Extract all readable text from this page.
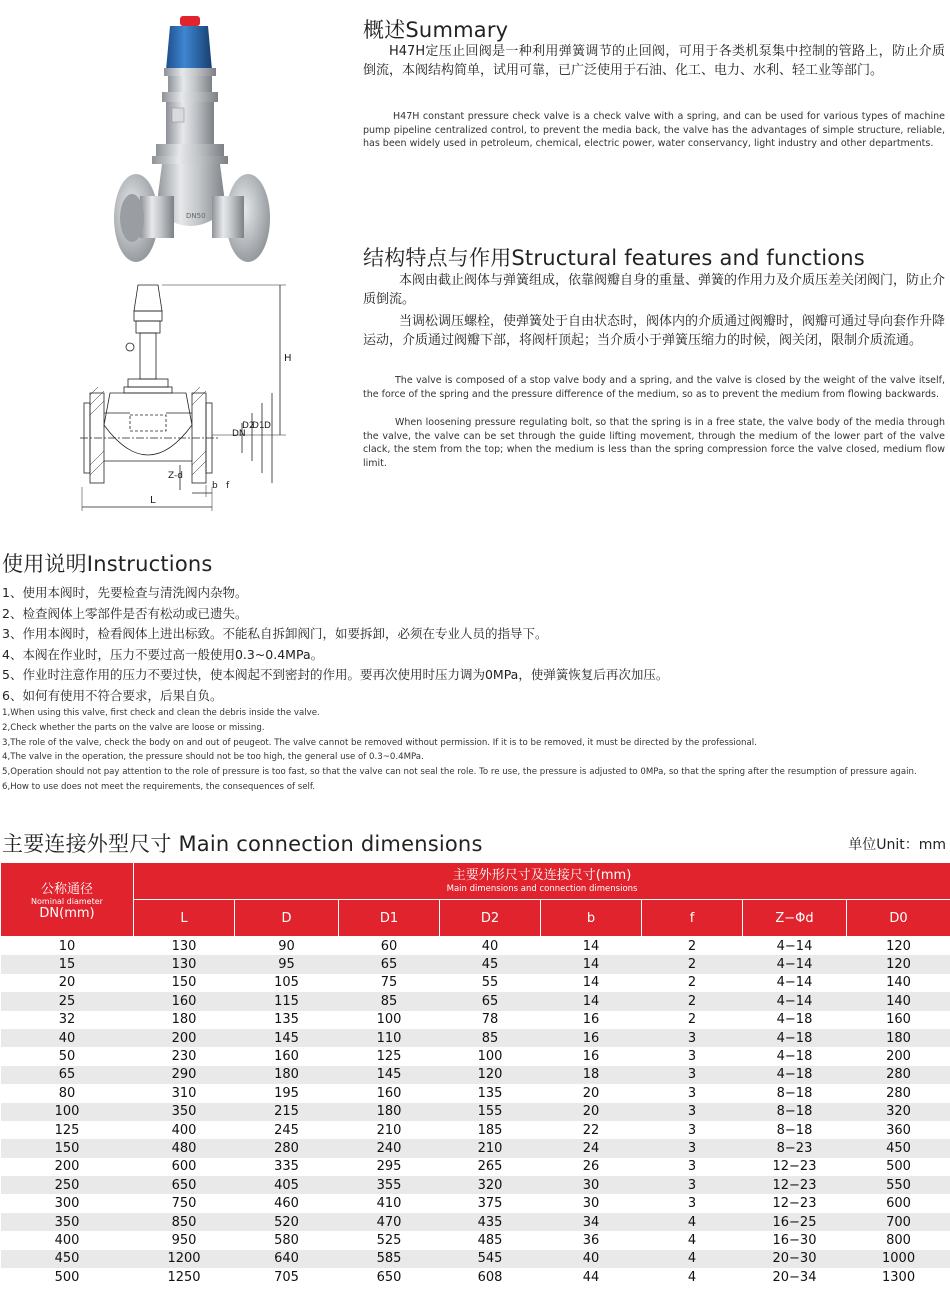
DN50
H
DN
D2
D1 D
Z-d
b f
L
概述Summary
H47H定压止回阀是一种利用弹簧调节的止回阀，可用于各类机泵集中控制的管路上，防止介质倒流，本阀结构简单，试用可靠，已广泛使用于石油、化工、电力、水利、轻工业等部门。
H47H constant pressure check valve is a check valve with a spring, and can be used for various types of machine pump pipeline centralized control, to prevent the media back, the valve has the advantages of simple structure, reliable, has been widely used in petroleum, chemical, electric power, water conservancy, light industry and other departments.
结构特点与作用Structural features and functions
本阀由截止阀体与弹簧组成，依靠阀瓣自身的重量、弹簧的作用力及介质压差关闭阀门，防止介质倒流。
当调松调压螺栓，使弹簧处于自由状态时，阀体内的介质通过阀瓣时，阀瓣可通过导向套作升降运动，介质通过阀瓣下部，将阀杆顶起；当介质小于弹簧压缩力的时候，阀关闭，限制介质流通。
The valve is composed of a stop valve body and a spring, and the valve is closed by the weight of the valve itself, the force of the spring and the pressure difference of the medium, so as to prevent the medium from flowing backwards.
When loosening pressure regulating bolt, so that the spring is in a free state, the valve body of the media through the valve, the valve can be set through the guide lifting movement, through the medium of the lower part of the valve clack, the stem from the top; when the medium is less than the spring compression force the valve closed, medium flow limit.
使用说明Instructions
1、使用本阀时，先要检查与清洗阀内杂物。
2、检查阀体上零部件是否有松动或已遗失。
3、作用本阀时，检看阀体上进出标致。不能私自拆卸阀门，如要拆卸，必须在专业人员的指导下。
4、本阀在作业时，压力不要过高一般使用0.3~0.4MPa。
5、作业时注意作用的压力不要过快，使本阀起不到密封的作用。要再次使用时压力调为0MPa，使弹簧恢复后再次加压。
6、如何有使用不符合要求，后果自负。
1,When using this valve, first check and clean the debris inside the valve.
2,Check whether the parts on the valve are loose or missing.
3,The role of the valve, check the body on and out of peugeot. The valve cannot be removed without permission. If it is to be removed, it must be directed by the professional.
4,The valve in the operation, the pressure should not be too high, the general use of 0.3~0.4MPa.
5,Operation should not pay attention to the role of pressure is too fast, so that the valve can not seal the role. To re use, the pressure is adjusted to 0MPa, so that the spring after the resumption of pressure again.
6,How to use does not meet the requirements, the consequences of self.
主要连接外型尺寸 Main connection dimensions	单位Unit：mm
公称通径
Nominal diameter
DN(mm)	主要外形尺寸及连接尺寸(mm)
Main dimensions and connection dimensions							

	L	D	D1	D2	b	f	Z−Φd	D0
10	130	90	60	40	14	2	4−14	120
15	130	95	65	45	14	2	4−14	120
20	150	105	75	55	14	2	4−14	140
25	160	115	85	65	14	2	4−14	140
32	180	135	100	78	16	2	4−18	160
40	200	145	110	85	16	3	4−18	180
50	230	160	125	100	16	3	4−18	200
65	290	180	145	120	18	3	4−18	280
80	310	195	160	135	20	3	8−18	280
100	350	215	180	155	20	3	8−18	320
125	400	245	210	185	22	3	8−18	360
150	480	280	240	210	24	3	8−23	450
200	600	335	295	265	26	3	12−23	500
250	650	405	355	320	30	3	12−23	550
300	750	460	410	375	30	3	12−23	600
350	850	520	470	435	34	4	16−25	700
400	950	580	525	485	36	4	16−30	800
450	1200	640	585	545	40	4	20−30	1000
500	1250	705	650	608	44	4	20−34	1300
